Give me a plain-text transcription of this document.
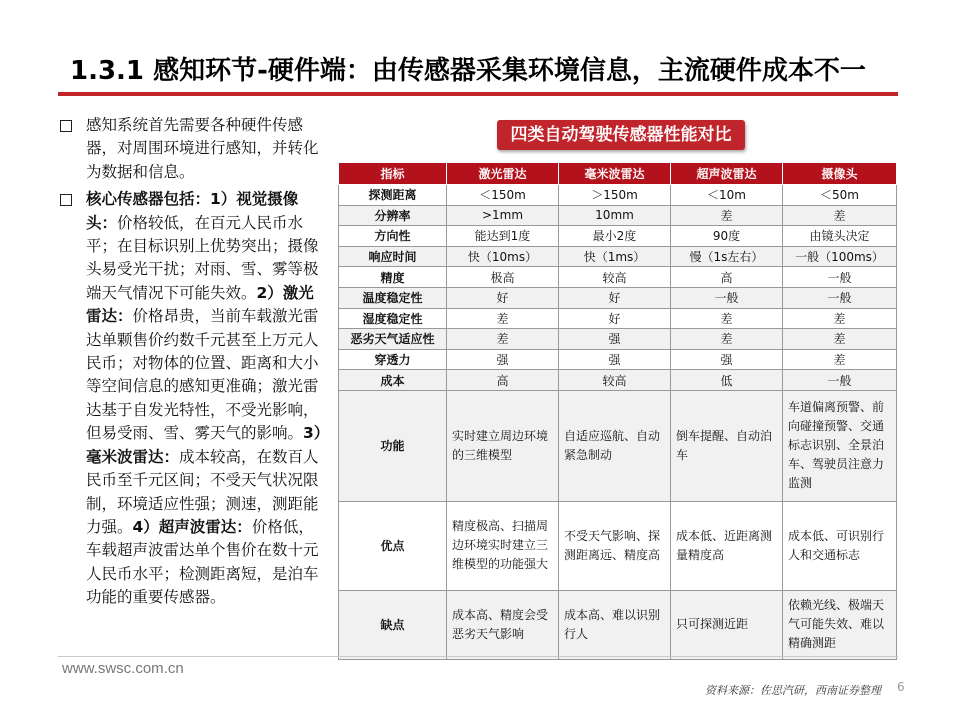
1.3.1 感知环节-硬件端：由传感器采集环境信息，主流硬件成本不一
感知系统首先需要各种硬件传感器，对周围环境进行感知，并转化为数据和信息。
核心传感器包括：1）视觉摄像头：价格较低，在百元人民币水平；在目标识别上优势突出；摄像头易受光干扰；对雨、雪、雾等极端天气情况下可能失效。2）激光雷达：价格昂贵，当前车载激光雷达单颗售价约数千元甚至上万元人民币；对物体的位置、距离和大小等空间信息的感知更准确；激光雷达基于自发光特性，不受光影响，但易受雨、雪、雾天气的影响。3）毫米波雷达：成本较高，在数百人民币至千元区间；不受天气状况限制，环境适应性强；测速，测距能力强。4）超声波雷达：价格低，车载超声波雷达单个售价在数十元人民币水平；检测距离短，是泊车功能的重要传感器。
四类自动驾驶传感器性能对比
指标	激光雷达	毫米波雷达	超声波雷达	摄像头
探测距离	＜150m	＞150m	＜10m	＜50m
分辨率	>1mm	10mm	差	差
方向性	能达到1度	最小2度	90度	由镜头决定
响应时间	快（10ms）	快（1ms）	慢（1s左右）	一般（100ms）
精度	极高	较高	高	一般
温度稳定性	好	好	一般	一般
湿度稳定性	差	好	差	差
恶劣天气适应性	差	强	差	差
穿透力	强	强	强	差
成本	高	较高	低	一般
功能	实时建立周边环境的三维模型	自适应巡航、自动紧急制动	倒车提醒、自动泊车	车道偏离预警、前向碰撞预警、交通标志识别、全景泊车、驾驶员注意力监测
优点	精度极高、扫描周边环境实时建立三维模型的功能强大	不受天气影响、探测距离远、精度高	成本低、近距离测量精度高	成本低、可识别行人和交通标志
缺点	成本高、精度会受恶劣天气影响	成本高、难以识别行人	只可探测近距	依赖光线、极端天气可能失效、难以精确测距
www.swsc.com.cn
资料来源：佐思汽研，西南证券整理 6
